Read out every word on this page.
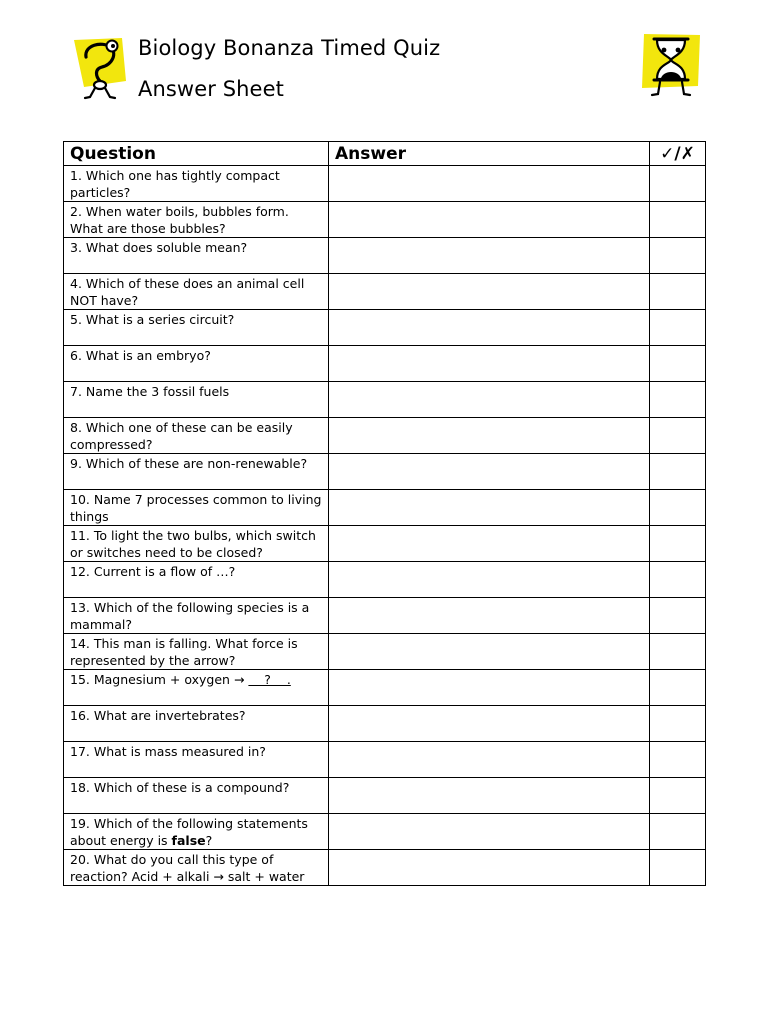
Biology Bonanza Timed Quiz
Answer Sheet
Question	Answer	✓/✗
1. Which one has tightly compact particles?		
2. When water boils, bubbles form. What are those bubbles?		
3. What does soluble mean?		
4. Which of these does an animal cell NOT have?		
5. What is a series circuit?		
6. What is an embryo?		
7. Name the 3 fossil fuels		
8. Which one of these can be easily compressed?		
9. Which of these are non-renewable?		
10. Name 7 processes common to living things		
11. To light the two bulbs, which switch or switches need to be closed?		
12. Current is a flow of …?		
13. Which of the following species is a mammal?		
14. This man is falling. What force is represented by the arrow?		
15. Magnesium + oxygen →     ?    .		
16. What are invertebrates?		
17. What is mass measured in?		
18. Which of these is a compound?		
19. Which of the following statements about energy is false?		
20. What do you call this type of reaction? Acid + alkali → salt + water		
